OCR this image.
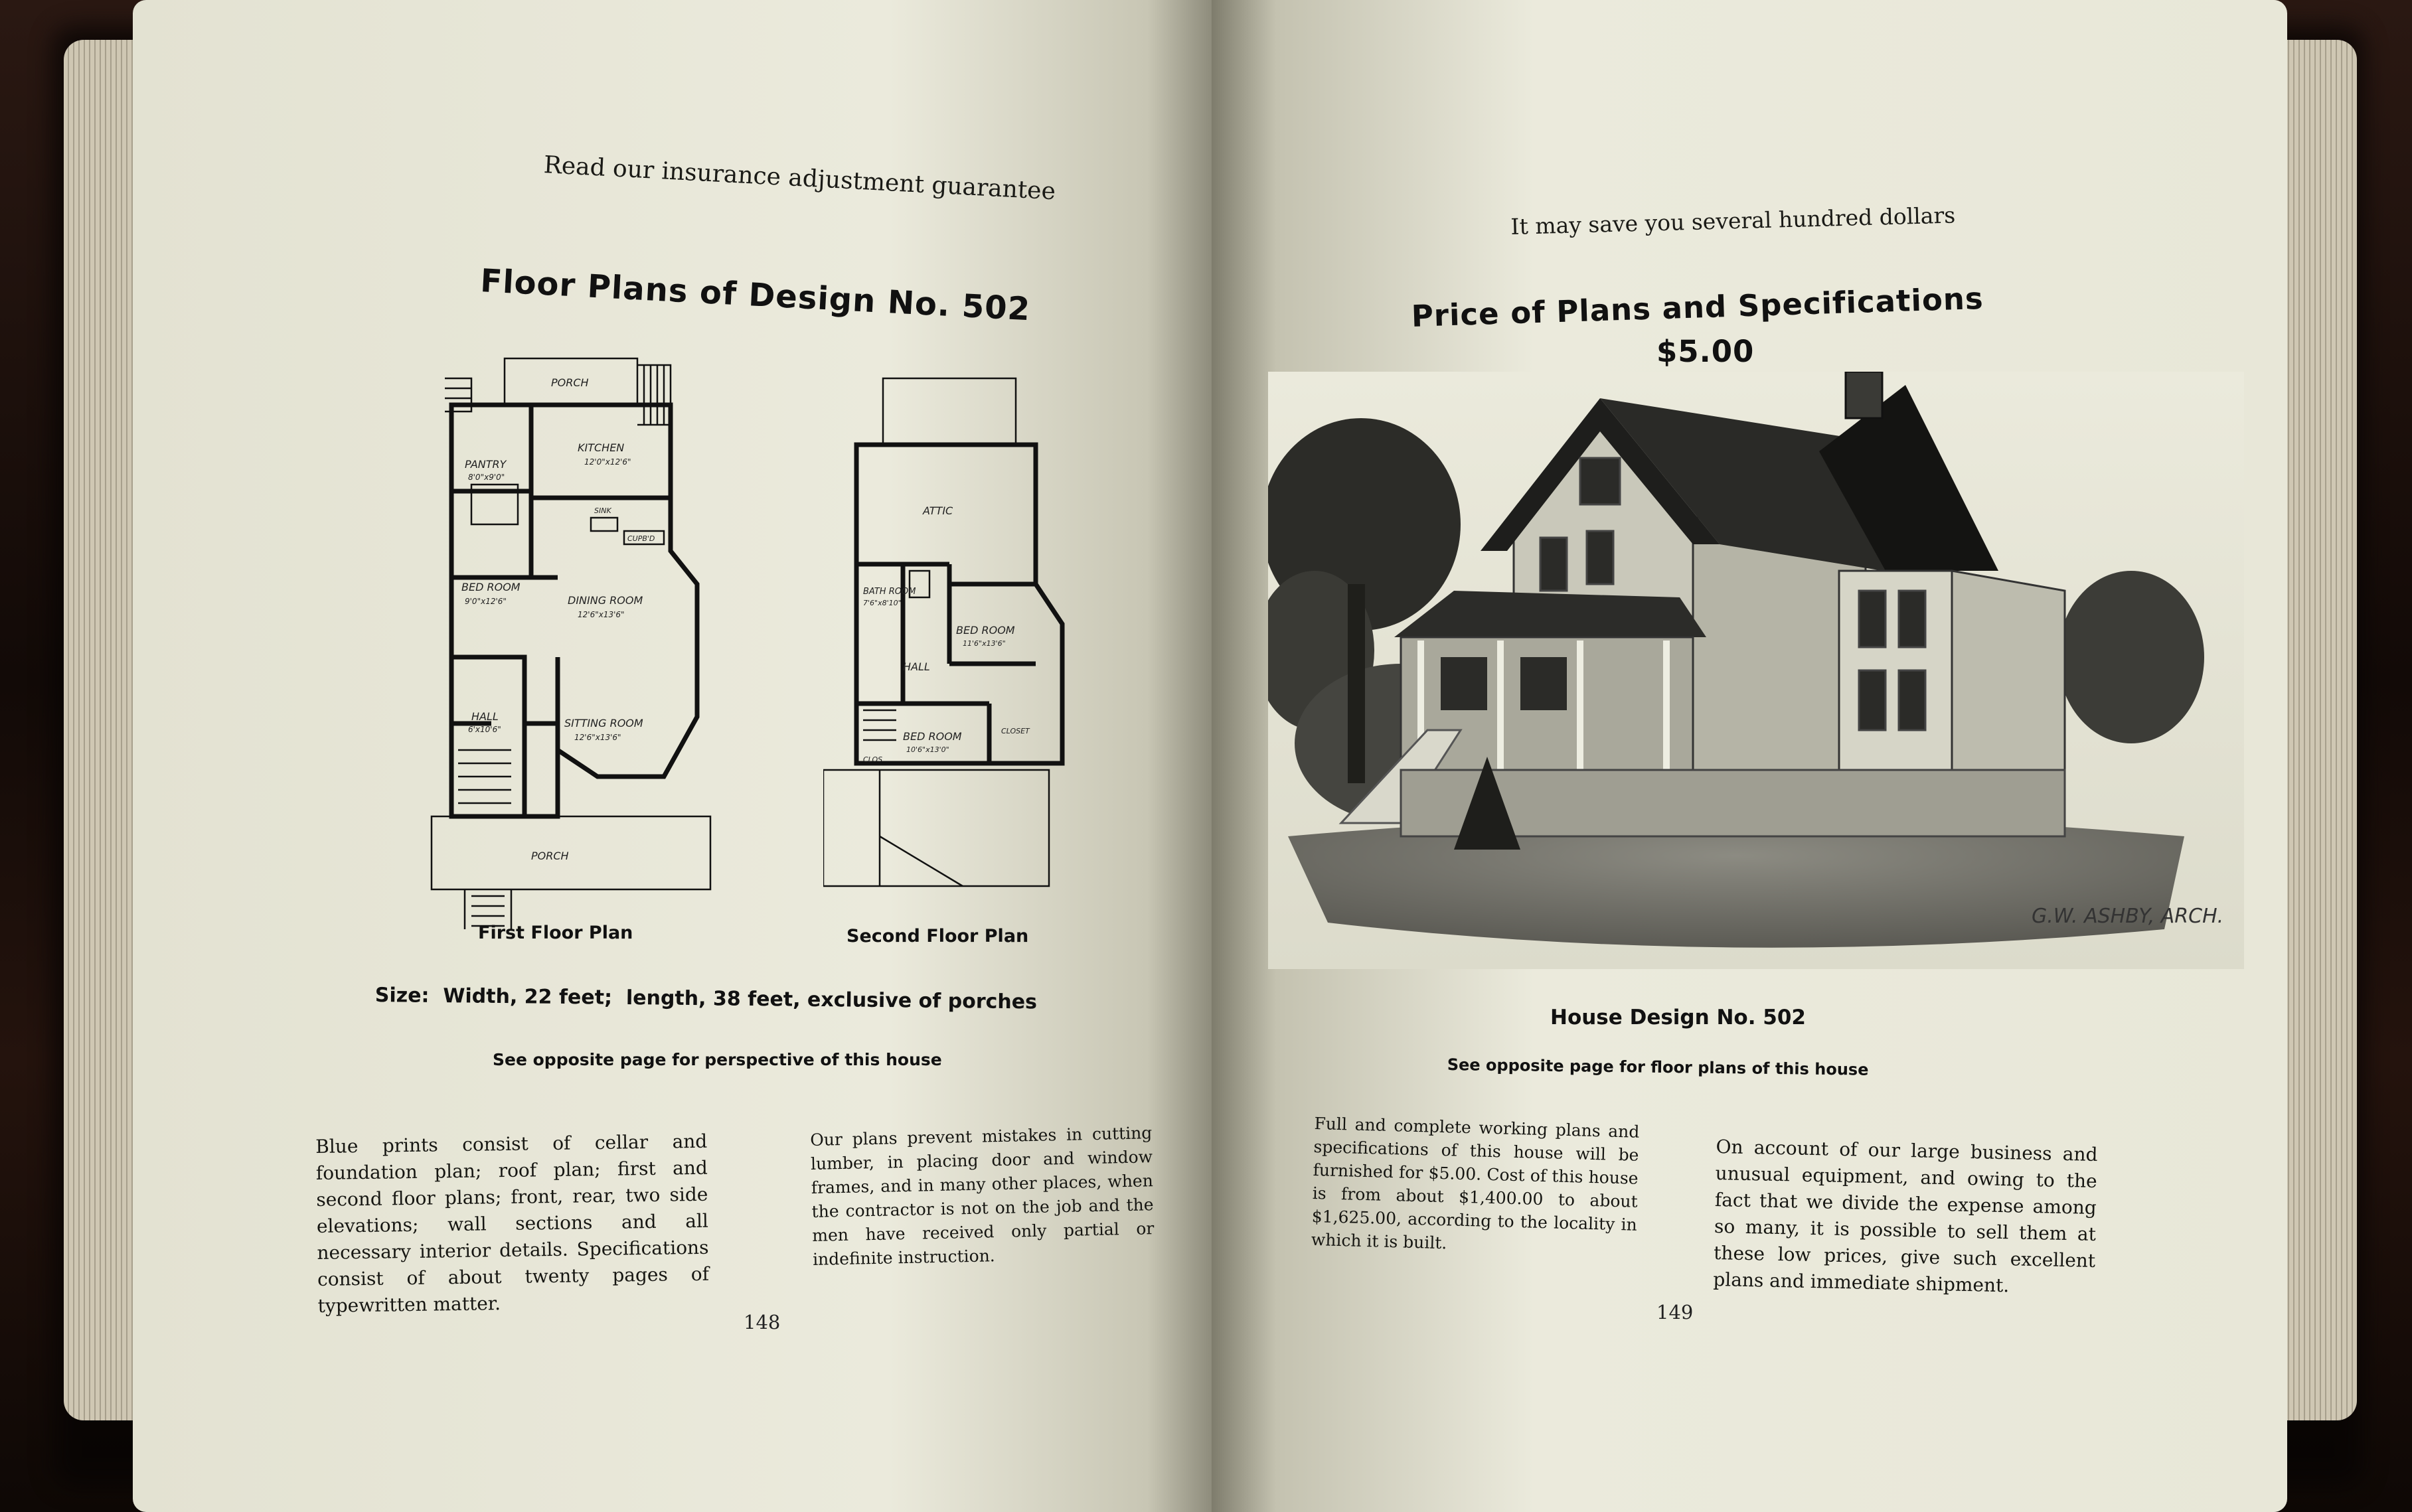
Read our insurance adjustment guarantee
Floor Plans of Design No. 502
PORCH
KITCHEN
12'0"x12'6"
PANTRY
8'0"x9'0"
SINK
CUPB'D
BED ROOM
9'0"x12'6"	DINING ROOM
12'6"x13'6"
HALL
6'x10'6"	SITTING ROOM
12'6"x13'6"
PORCH
ATTIC
BATH ROOM
7'6"x8'10"
BED ROOM
11'6"x13'6"
HALL
BED ROOM
10'6"x13'0"
CLOSET
CLOS
First Floor Plan	Second Floor Plan
Size:  Width, 22 feet;  length, 38 feet, exclusive of porches
See opposite page for perspective of this house
Blue prints consist of cellar and foundation plan; roof plan; first and second floor plans; front, rear, two side elevations; wall sections and all necessary interior details. Specifications consist of about twenty pages of typewritten matter.
Our plans prevent mistakes in cutting lumber, in placing door and window frames, and in many other places, when the contractor is not on the job and the men have received only partial or indefinite instruction.
148
It may save you several hundred dollars
Price of Plans and Specifications
$5.00
G.W. ASHBY, ARCH.
House Design No. 502
See opposite page for floor plans of this house
Full and complete working plans and specifications of this house will be furnished for $5.00. Cost of this house is from about $1,400.00 to about $1,625.00, according to the locality in which it is built.
On account of our large business and unusual equipment, and owing to the fact that we divide the expense among so many, it is possible to sell them at these low prices, give such excellent plans and immediate shipment.
149
